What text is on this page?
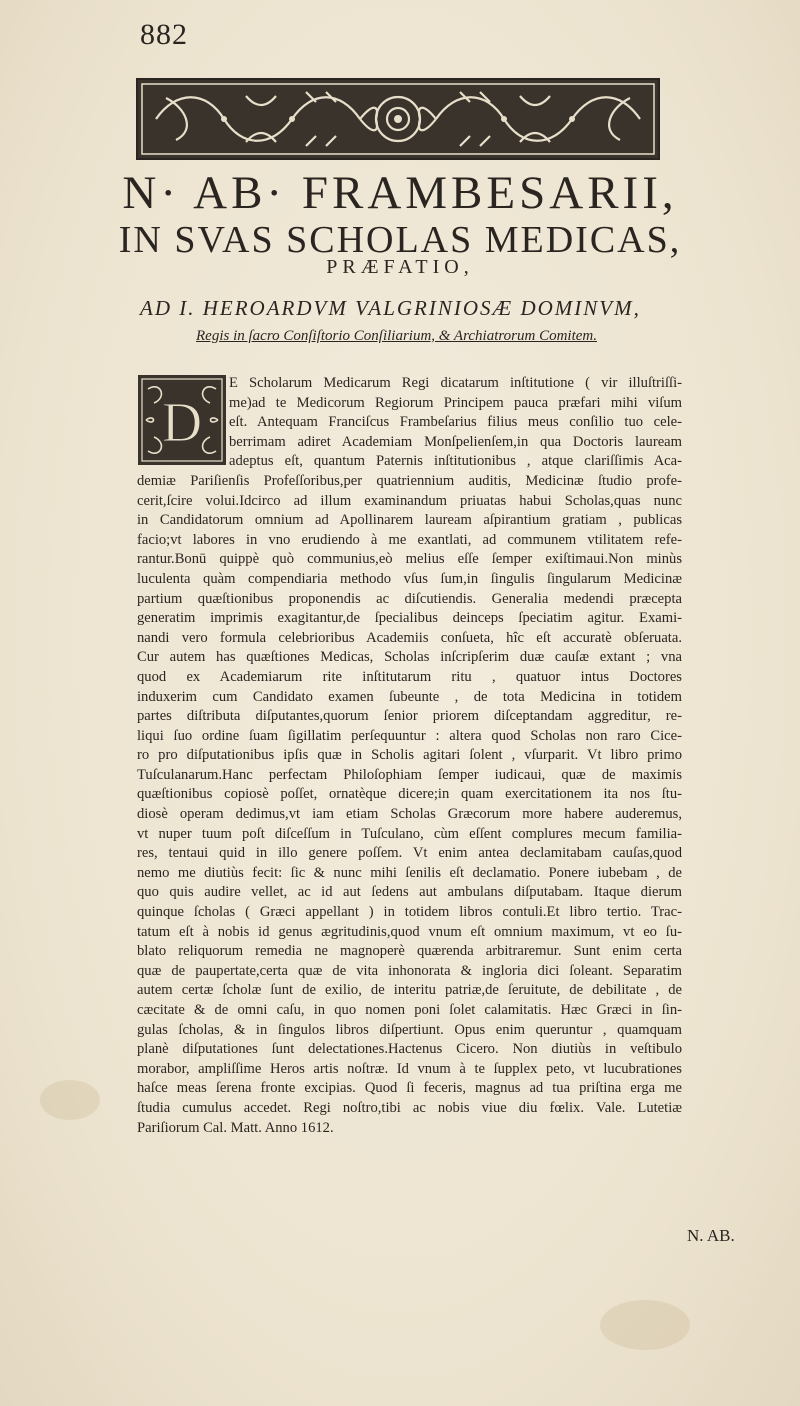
882
N· AB· FRAMBESARII,
IN SVAS SCHOLAS MEDICAS,
PRÆFATIO,
AD I. HEROARDVM VALGRINIOSÆ DOMINVM,
Regis in ſacro Conſiſtorio Conſiliarium, & Archiatrorum Comitem.
D
E Scholarum Medicarum Regi dicatarum inſtitutione ( vir illuſtriſſi-
me)ad te Medicorum Regiorum Principem pauca præfari mihi viſum
eſt. Antequam Franciſcus Frambeſarius filius meus conſilio tuo cele-
berrimam adiret Academiam Monſpelienſem,in qua Doctoris lauream
adeptus eſt, quantum Paternis inſtitutionibus , atque clariſſimis Aca-
demiæ Pariſienſis Profeſſoribus,per quatriennium auditis, Medicinæ ſtudio profe-
cerit,ſcire volui.Idcirco ad illum examinandum priuatas habui Scholas,quas nunc
in Candidatorum omnium ad Apollinarem lauream aſpirantium gratiam , publicas
facio;vt labores in vno erudiendo à me exantlati, ad communem vtilitatem refe-
rantur.Bonū quippè quò communius,eò melius eſſe ſemper exiſtimaui.Non minùs
luculenta quàm compendiaria methodo vſus ſum,in ſingulis ſingularum Medicinæ
partium quæſtionibus proponendis ac diſcutiendis. Generalia medendi præcepta
generatim imprimis exagitantur,de ſpecialibus deinceps ſpeciatim agitur. Exami-
nandi vero formula celebrioribus Academiis conſueta, hîc eſt accuratè obſeruata.
Cur autem has quæſtiones Medicas, Scholas inſcripſerim duæ cauſæ extant ; vna
quod ex Academiarum rite inſtitutarum ritu , quatuor intus Doctores
induxerim cum Candidato examen ſubeunte , de tota Medicina in totidem
partes diſtributa diſputantes,quorum ſenior priorem diſceptandam aggreditur, re-
liqui ſuo ordine ſuam ſigillatim perſequuntur : altera quod Scholas non raro Cice-
ro pro diſputationibus ipſis quæ in Scholis agitari ſolent , vſurparit. Vt libro primo
Tuſculanarum.Hanc perfectam Philoſophiam ſemper iudicaui, quæ de maximis
quæſtionibus copiosè poſſet, ornatèque dicere;in quam exercitationem ita nos ſtu-
diosè operam dedimus,vt iam etiam Scholas Græcorum more habere auderemus,
vt nuper tuum poſt diſceſſum in Tuſculano, cùm eſſent complures mecum familia-
res, tentaui quid in illo genere poſſem. Vt enim antea declamitabam cauſas,quod
nemo me diutiùs fecit: ſic & nunc mihi ſenilis eſt declamatio. Ponere iubebam , de
quo quis audire vellet, ac id aut ſedens aut ambulans diſputabam. Itaque dierum
quinque ſcholas ( Græci appellant ) in totidem libros contuli.Et libro tertio. Trac-
tatum eſt à nobis id genus ægritudinis,quod vnum eſt omnium maximum, vt eo ſu-
blato reliquorum remedia ne magnoperè quærenda arbitraremur. Sunt enim certa
quæ de paupertate,certa quæ de vita inhonorata & ingloria dici ſoleant. Separatim
autem certæ ſcholæ ſunt de exilio, de interitu patriæ,de ſeruitute, de debilitate , de
cæcitate & de omni caſu, in quo nomen poni ſolet calamitatis. Hæc Græci in ſin-
gulas ſcholas, & in ſingulos libros diſpertiunt. Opus enim queruntur , quamquam
planè diſputationes ſunt delectationes.Hactenus Cicero. Non diutiùs in veſtibulo
morabor, ampliſſime Heros artis noſtræ. Id vnum à te ſupplex peto, vt lucubrationes
haſce meas ſerena fronte excipias. Quod ſi feceris, magnus ad tua priſtina erga me
ſtudia cumulus accedet. Regi noſtro,tibi ac nobis viue diu fœlix. Vale. Lutetiæ
Pariſiorum Cal. Matt. Anno 1612.
N. AB.
